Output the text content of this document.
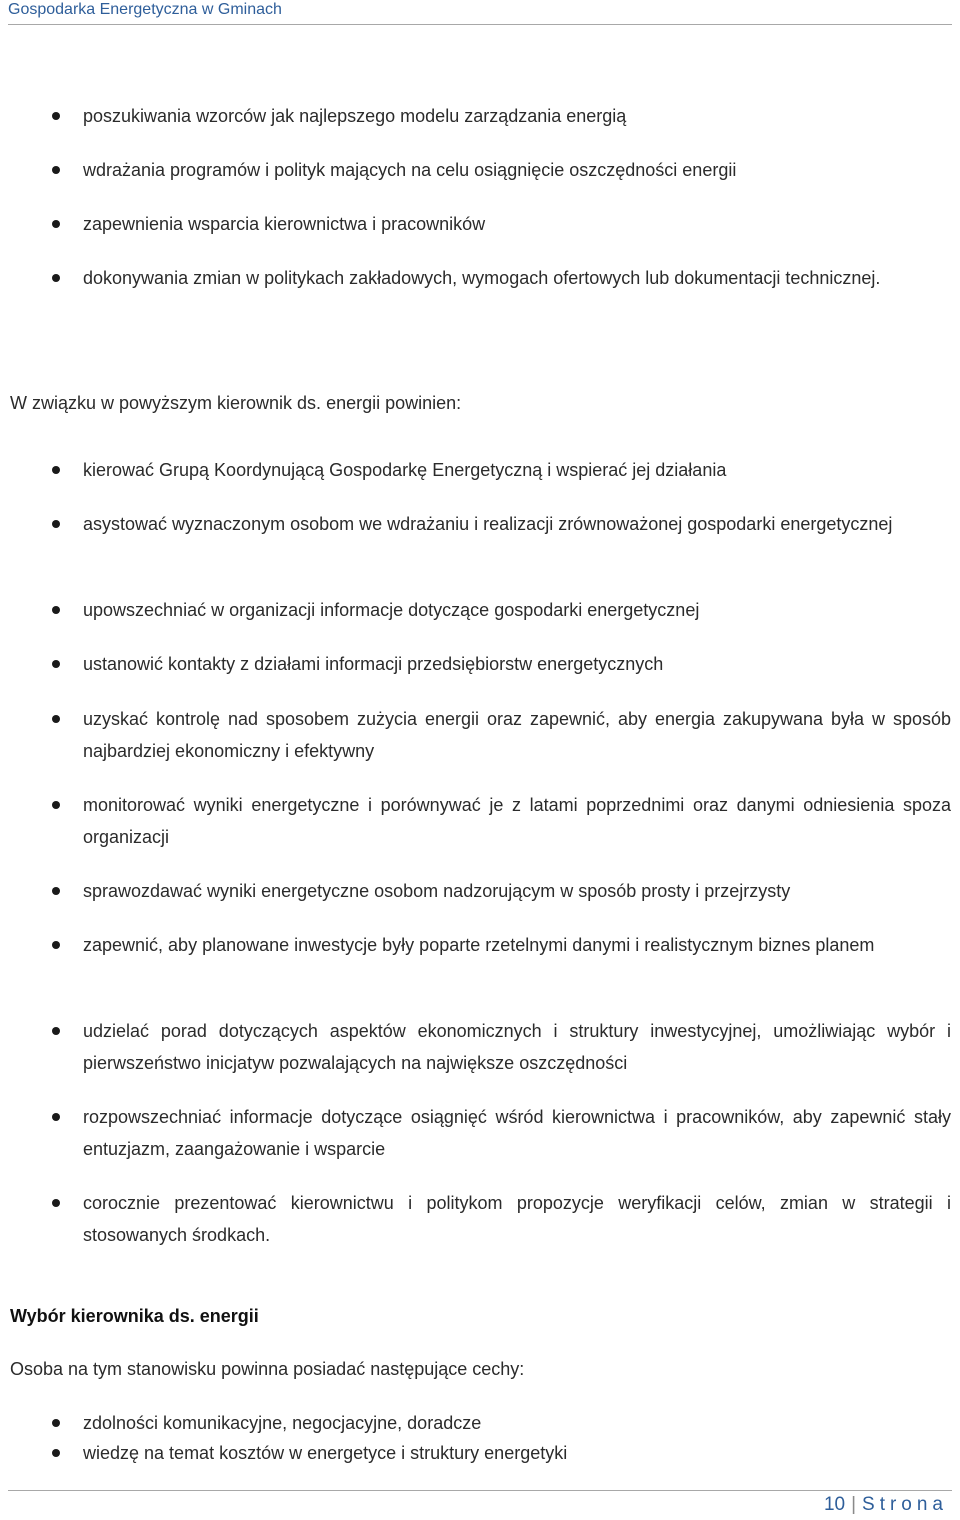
Gospodarka Energetyczna w Gminach
poszukiwania wzorców jak najlepszego modelu zarządzania energią
wdrażania programów i polityk mających na celu osiągnięcie oszczędności energii
zapewnienia wsparcia kierownictwa i pracowników
dokonywania zmian w politykach zakładowych, wymogach ofertowych lub dokumentacji technicznej.

W związku w powyższym kierownik ds. energii powinien:

kierować Grupą Koordynującą Gospodarkę Energetyczną i wspierać jej działania
asystować wyznaczonym osobom we wdrażaniu i realizacji zrównoważonej gospodarki energetycznej
upowszechniać w organizacji informacje dotyczące gospodarki energetycznej
ustanowić kontakty z działami informacji przedsiębiorstw energetycznych
uzyskać kontrolę nad sposobem zużycia energii oraz zapewnić, aby energia zakupywana była w sposób najbardziej ekonomiczny i efektywny
monitorować wyniki energetyczne i porównywać je z latami poprzednimi oraz danymi odniesienia spoza organizacji
sprawozdawać wyniki energetyczne osobom nadzorującym w sposób prosty i przejrzysty
zapewnić, aby planowane inwestycje były poparte rzetelnymi danymi i realistycznym biznes planem
udzielać porad dotyczących aspektów ekonomicznych i struktury inwestycyjnej, umożliwiając wybór i pierwszeństwo inicjatyw pozwalających na największe oszczędności
rozpowszechniać informacje dotyczące osiągnięć wśród kierownictwa i pracowników, aby zapewnić stały entuzjazm, zaangażowanie i wsparcie
corocznie prezentować kierownictwu i politykom propozycje weryfikacji celów, zmian w strategii i stosowanych środkach.
Wybór kierownika ds. energii

Osoba na tym stanowisku powinna posiadać następujące cechy:

zdolności komunikacyjne, negocjacyjne, doradcze
wiedzę na temat kosztów w energetyce i struktury energetyki
10 | Strona
